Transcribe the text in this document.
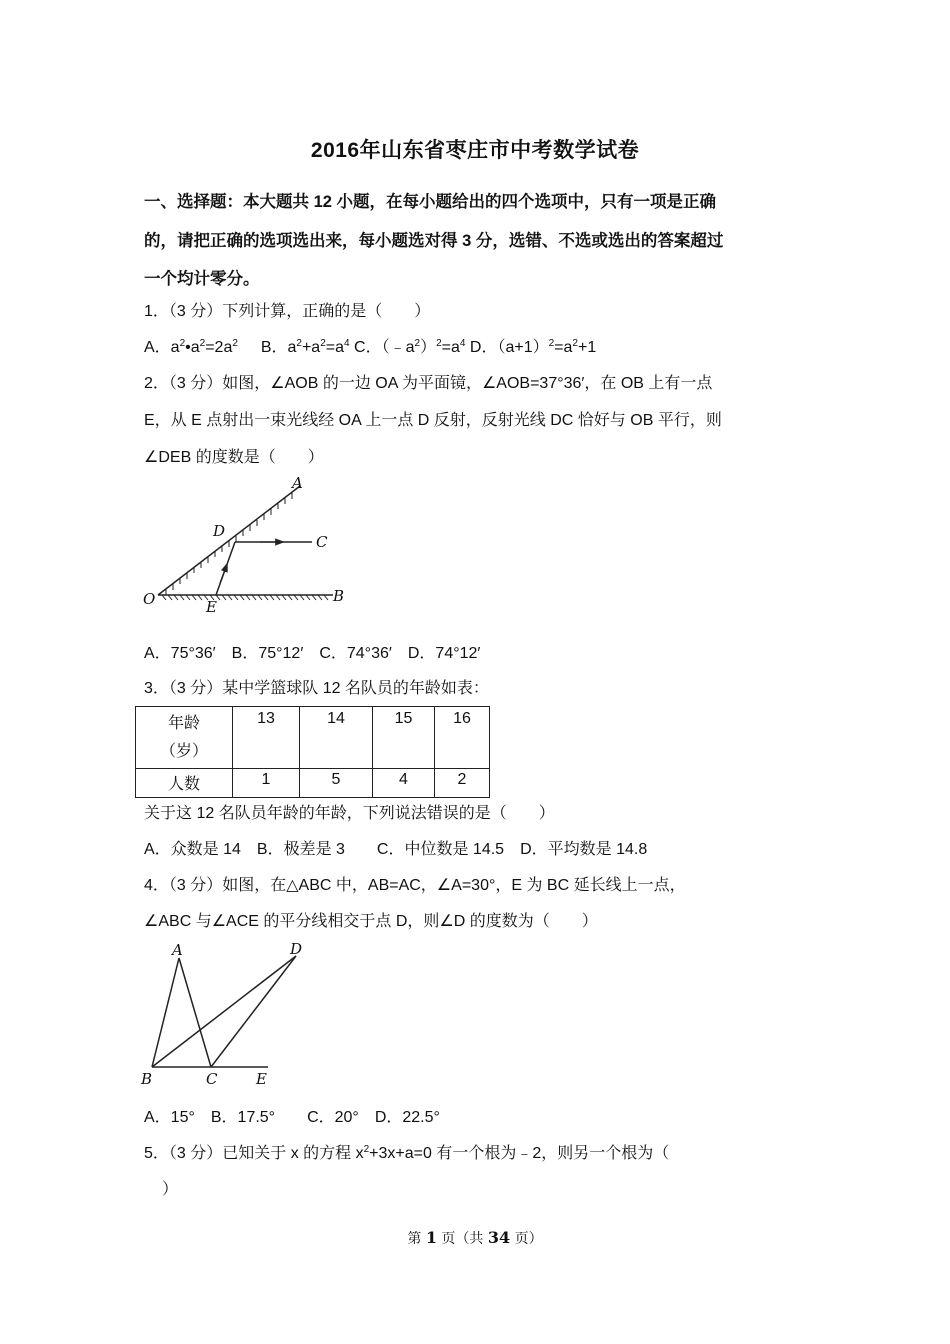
2016年山东省枣庄市中考数学试卷
一、选择题：本大题共 12 小题，在每小题给出的四个选项中，只有一项是正确
的，请把正确的选项选出来，每小题选对得 3 分，选错、不选或选出的答案超过
一个均计零分。
1．（3 分）下列计算，正确的是（　　）
A．$a^2•a^2=2a^2$ B．$a^2+a^2=a^4$ C．$(﹣a^2)^2=a^4$ D．$(a+1)^2=a^2+1$
2．（3 分）如图，∠AOB 的一边 OA 为平面镜，∠AOB=37°36′，在 OB 上有一点
E，从 E 点射出一束光线经 OA 上一点 D 反射，反射光线 DC 恰好与 OB 平行，则
∠DEB 的度数是（　　）
A
D
C
O	E
B
A．75°36′　B．75°12′　C．74°36′　D．74°12′
3．（3 分）某中学篮球队 12 名队员的年龄如表：
年龄
（岁）	13	14	15	16
人数	1	5	4	2
关于这 12 名队员年龄的年龄，下列说法错误的是（　　）
A．众数是 14　B．极差是 3　　C．中位数是 14.5　D．平均数是 14.8
4．（3 分）如图，在△ABC 中，AB=AC，∠A=30°，E 为 BC 延长线上一点，
∠ABC 与∠ACE 的平分线相交于点 D，则∠D 的度数为（　　）
A	D
B	C	E
A．15°　B．17.5°　　C．20°　D．22.5°
5．（3 分）已知关于 x 的方程 $x^2+3x+a=0$ 有一个根为﹣2，则另一个根为（
）
第 1 页（共 34 页）
